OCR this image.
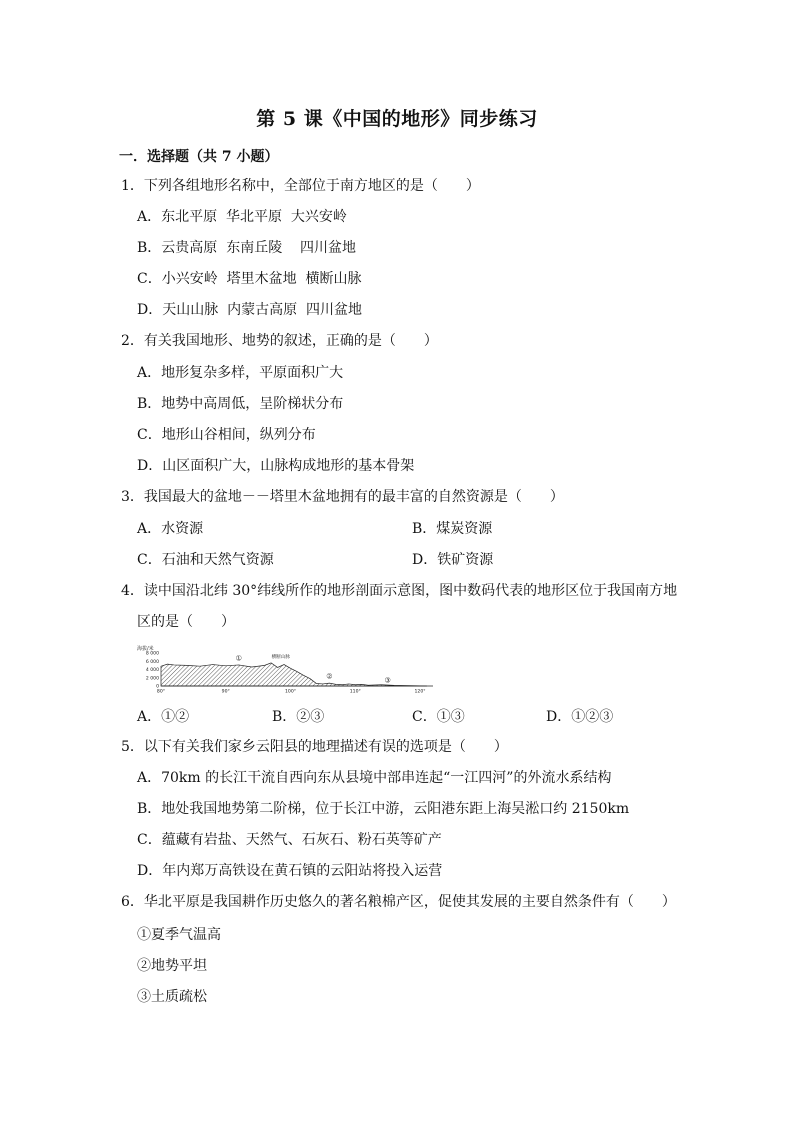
第 5 课《中国的地形》同步练习
一．选择题（共 7 小题）
1．下列各组地形名称中，全部位于南方地区的是（　　）
A．东北平原  华北平原  大兴安岭
B．云贵高原  东南丘陵    四川盆地
C．小兴安岭  塔里木盆地  横断山脉
D．天山山脉  内蒙古高原  四川盆地
2．有关我国地形、地势的叙述，正确的是（　　）
A．地形复杂多样，平原面积广大
B．地势中高周低，呈阶梯状分布
C．地形山谷相间，纵列分布
D．山区面积广大，山脉构成地形的基本骨架
3．我国最大的盆地－－塔里木盆地拥有的最丰富的自然资源是（　　）
A．水资源	B．煤炭资源
C．石油和天然气资源	D．铁矿资源
4．读中国沿北纬 30°纬线所作的地形剖面示意图，图中数码代表的地形区位于我国南方地
区的是（　　）
海拔/米
8 000
6 000
4 000
2 000
0
80°	90°	100°	110°	120°
①	横断山脉
②	③
A．①②	B．②③	C．①③	D．①②③
5．以下有关我们家乡云阳县的地理描述有误的选项是（　　）
A．70km 的长江干流自西向东从县境中部串连起“一江四河”的外流水系结构
B．地处我国地势第二阶梯，位于长江中游，云阳港东距上海吴淞口约 2150km
C．蕴藏有岩盐、天然气、石灰石、粉石英等矿产
D．年内郑万高铁设在黄石镇的云阳站将投入运营
6．华北平原是我国耕作历史悠久的著名粮棉产区，促使其发展的主要自然条件有（　　）
①夏季气温高
②地势平坦
③土质疏松
